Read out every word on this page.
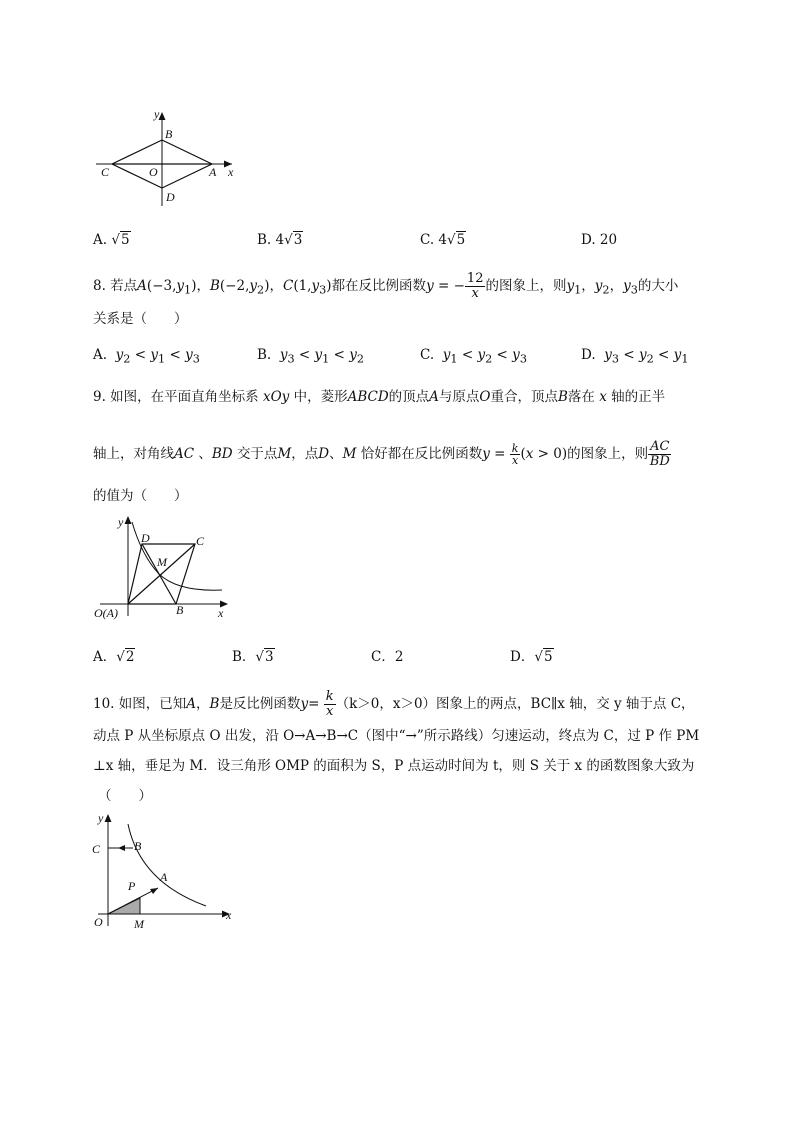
y
B
C	O	A x
D
A. √5	B. 4√3	C. 4√5	D. 20
8. 若点$A(-3,y_1)$，$B(-2,y_2)$，$C(1,y_3)$都在反比例函数y = − $\frac{12}{x}$ 的图象上，则$y_1$，$y_2$，$y_3$的大小
关系是（　　）
A. $y_2 < y_1 < y_3$	B. $y_3 < y_1 < y_2$	C. $y_1 < y_2 < y_3$	D. $y_3 < y_2 < y_1$
9. 如图，在平面直角坐标系 xOy 中，菱形ABCD的顶点A与原点O重合，顶点B落在 x 轴的正半
轴上，对角线AC 、BD 交于点M，点D、M 恰好都在反比例函数$y = \frac{k}{x} (x > 0)$的图象上，则 $\frac{AC}{BD}$
的值为（　　）
y
D	C
M
O(A)	B	x
A．√2	B．√3	C．2	D．√5
10. 如图，已知A，B是反比例函数$y= \frac{k}{x} (k>0$，x＞0）图象上的两点，BC∥x 轴，交 y 轴于点 C，
动点 P 从坐标原点 O 出发，沿 O→A→B→C（图中“→”所示路线）匀速运动，终点为 C，过 P 作 PM
⊥x 轴，垂足为 M．设三角形 OMP 的面积为 S，P 点运动时间为 t，则 S 关于 x 的函数图象大致为
（　　）
y
C	B
A
P
O	M
x
